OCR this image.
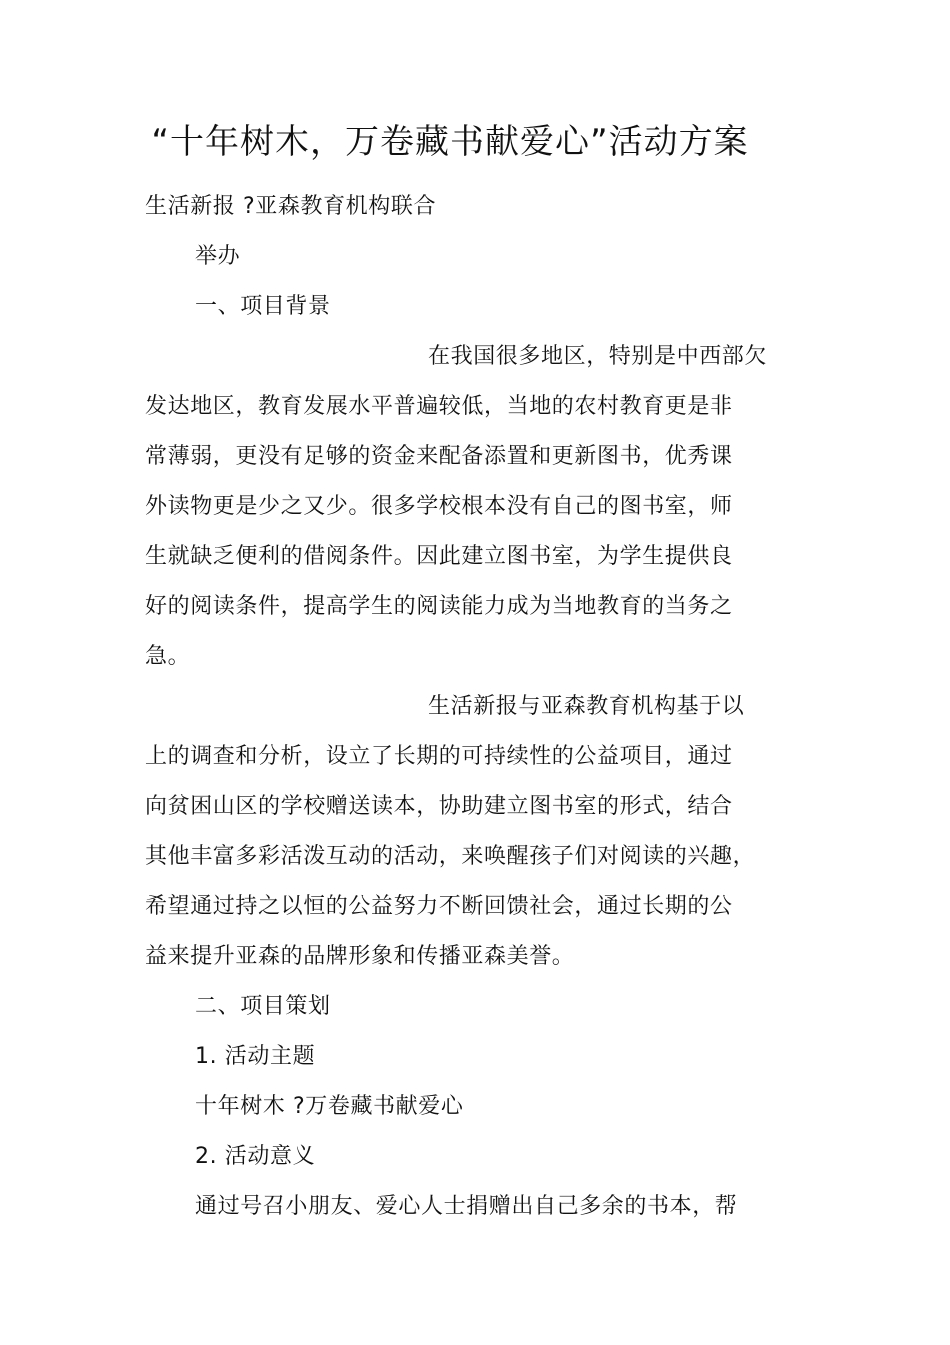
“十年树木，万卷藏书献爱心”活动方案
生活新报 ?亚森教育机构联合
举办
一、项目背景
在我国很多地区，特别是中西部欠
发达地区，教育发展水平普遍较低，当地的农村教育更是非
常薄弱，更没有足够的资金来配备添置和更新图书，优秀课
外读物更是少之又少。很多学校根本没有自己的图书室，师
生就缺乏便利的借阅条件。因此建立图书室，为学生提供良
好的阅读条件，提高学生的阅读能力成为当地教育的当务之
急。
生活新报与亚森教育机构基于以
上的调查和分析，设立了长期的可持续性的公益项目，通过
向贫困山区的学校赠送读本，协助建立图书室的形式，结合
其他丰富多彩活泼互动的活动，来唤醒孩子们对阅读的兴趣，
希望通过持之以恒的公益努力不断回馈社会，通过长期的公
益来提升亚森的品牌形象和传播亚森美誉。
二、项目策划
1. 活动主题
十年树木 ?万卷藏书献爱心
2. 活动意义
通过号召小朋友、爱心人士捐赠出自己多余的书本，帮
